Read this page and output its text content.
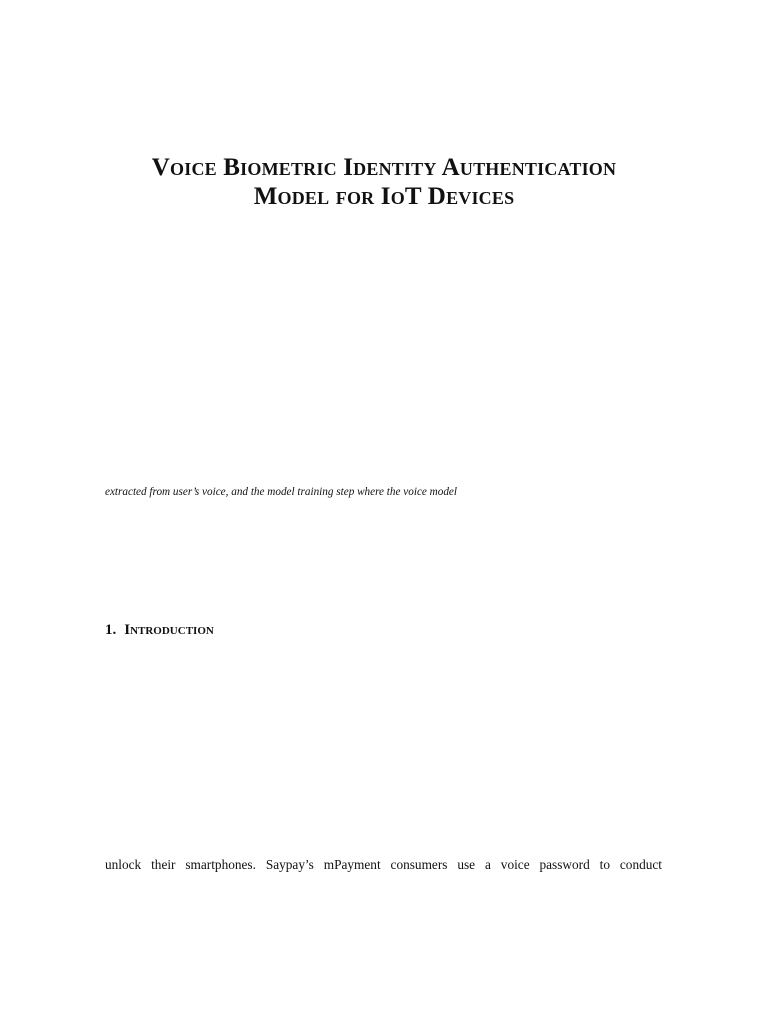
Voice Biometric Identity Authentication
Model for IoT Devices

extracted from user’s voice, and the model training step where the voice model

1. Introduction

unlock their smartphones. Saypay’s mPayment consumers use a voice password to conduct
